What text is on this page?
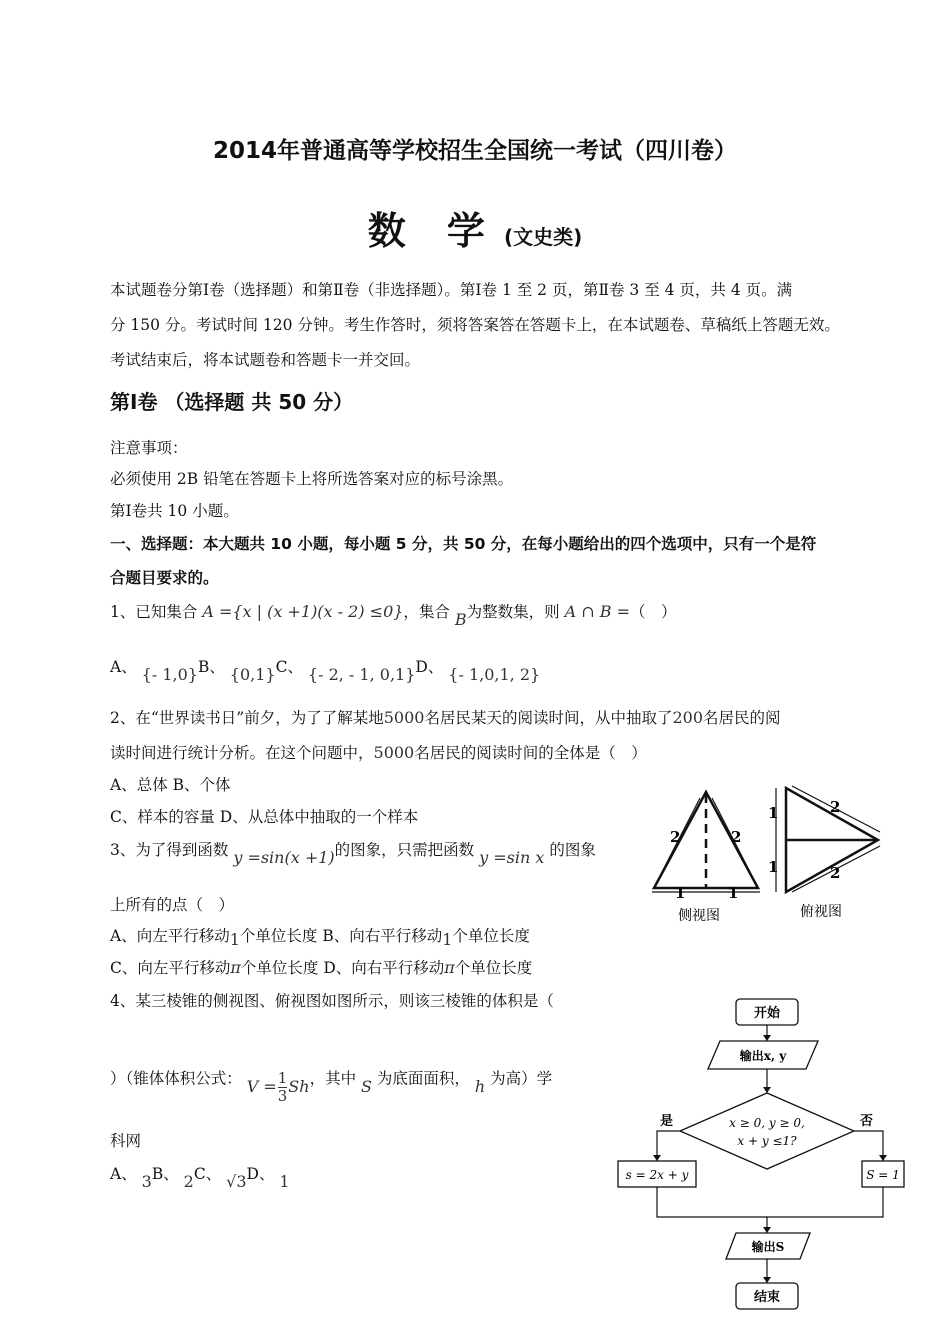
2014年普通高等学校招生全国统一考试（四川卷）
数 学 (文史类)
本试题卷分第Ⅰ卷（选择题）和第Ⅱ卷（非选择题）。第Ⅰ卷 1 至 2 页，第Ⅱ卷 3 至 4 页，共 4 页。满
分 150 分。考试时间 120 分钟。考生作答时，须将答案答在答题卡上，在本试题卷、草稿纸上答题无效。
考试结束后，将本试题卷和答题卡一并交回。
第Ⅰ卷 （选择题 共 50 分）
注意事项：
必须使用 2B 铅笔在答题卡上将所选答案对应的标号涂黑。
第Ⅰ卷共 10 小题。
一、选择题：本大题共 10 小题，每小题 5 分，共 50 分，在每小题给出的四个选项中，只有一个是符
合题目要求的。
1、已知集合 A ={x | (x +1)(x - 2) ≤0}，集合 B为整数集，则 A ∩ B =（　）
A、 {- 1,0}B、 {0,1}C、 {- 2, - 1, 0,1}D、 {- 1,0,1, 2}
2、在“世界读书日”前夕，为了了解某地5000名居民某天的阅读时间，从中抽取了200名居民的阅
读时间进行统计分析。在这个问题中，5000名居民的阅读时间的全体是（　）
A、总体 B、个体
C、样本的容量 D、从总体中抽取的一个样本
3、为了得到函数 y =sin(x +1)的图象，只需把函数 y =sin x 的图象
上所有的点（　）
A、向左平行移动1个单位长度 B、向右平行移动1个单位长度
C、向左平行移动π个单位长度 D、向右平行移动π个单位长度
4、某三棱锥的侧视图、俯视图如图所示，则该三棱锥的体积是（
）（锥体体积公式： $V = \frac{1}{3}$ Sh，其中 S 为底面面积， h 为高）学
科网
A、 3B、 2C、 √3D、 1
2	2
1	1
侧视图
1
1
2
2
俯视图
开始
输出x, y
x ≥ 0, y ≥ 0,
x + y ≤1?
是	否
s = 2x + y	S = 1
输出S
结束
